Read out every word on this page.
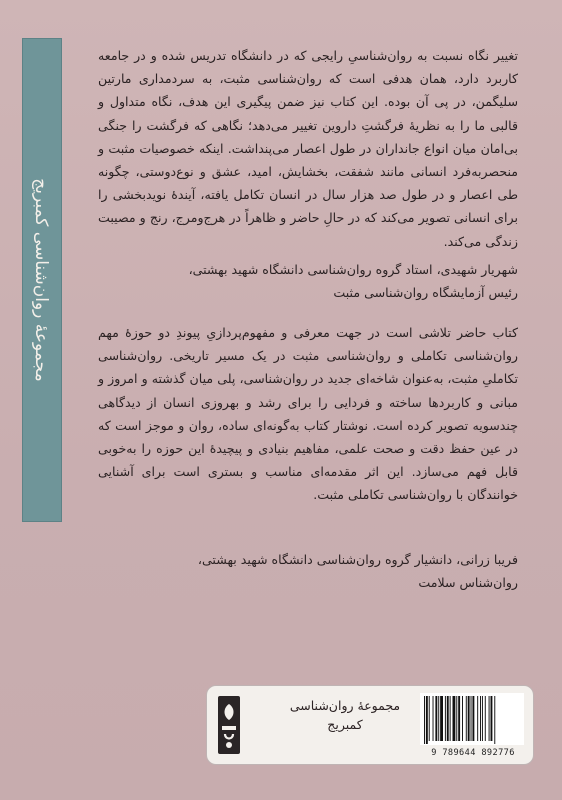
مجموعهٔ روان‌شناسی کمبریج

تغییر نگاه نسبت به روان‌شناسیِ رایجی که در دانشگاه تدریس شده و در جامعه کاربرد دارد، همان هدفی است که روان‌شناسی مثبت، به سردمداری مارتین سلیگمن، در پی آن بوده. این کتاب نیز ضمن پیگیری این هدف، نگاه متداول و قالبی ما را به نظریهٔ فرگشتِ داروین تغییر می‌دهد؛ نگاهی که فرگشت را جنگی بی‌امان میان انواع جانداران در طول اعصار می‌پنداشت. اینکه خصوصیات مثبت و منحصربه‌فرد انسانی مانند شفقت، بخشایش، امید، عشق و نوع‌دوستی، چگونه طی اعصار و در طول صد هزار سال در انسان تکامل یافته، آیندهٔ نویدبخشی را برای انسانی تصویر می‌کند که در حالِ حاضر و ظاهراً در هرج‌ومرج، رنج و مصیبت زندگی می‌کند.

شهریار شهیدی، استاد گروه روان‌شناسی دانشگاه شهید بهشتی،
رئیس آزمایشگاه روان‌شناسی مثبت

کتاب حاضر تلاشی است در جهت معرفی و مفهوم‌پردازیِ پیوندِ دو حوزهٔ مهم روان‌شناسی تکاملی و روان‌شناسی مثبت در یک مسیر تاریخی. روان‌شناسی تکاملیِ مثبت، به‌عنوان شاخه‌ای جدید در روان‌شناسی، پلی میان گذشته و امروز و مبانی و کاربردها ساخته و فردایی را برای رشد و بهروزی انسان از دیدگاهی چندسویه تصویر کرده است. نوشتار کتاب به‌گونه‌ای ساده، روان و موجز است که در عین حفظ دقت و صحت علمی، مفاهیم بنیادی و پیچیدهٔ این حوزه را به‌خوبی قابل فهم می‌سازد. این اثر مقدمه‌ای مناسب و بستری است برای آشنایی خوانندگان با روان‌شناسی تکاملی مثبت.

فریبا زرانی، دانشیار گروه روان‌شناسی دانشگاه شهید بهشتی،
روان‌شناس سلامت
مجموعهٔ روان‌شناسی
کمبریج
9 789644 892776
